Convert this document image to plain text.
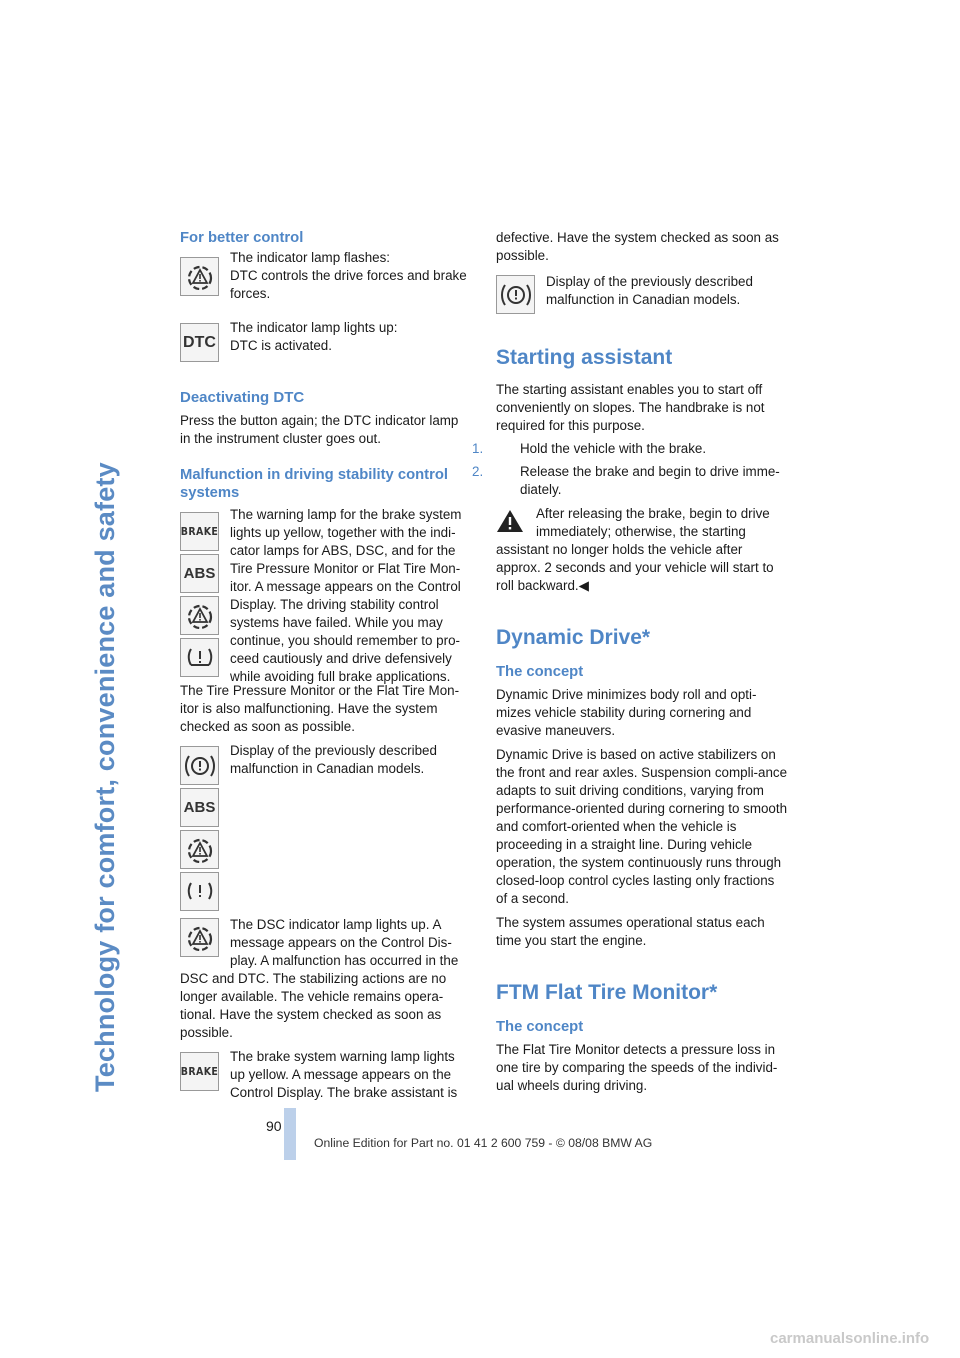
Technology for comfort, convenience and safety
For better control

The indicator lamp flashes:
DTC controls the drive forces and brake forces.

DTC

The indicator lamp lights up:
DTC is activated.

Deactivating DTC

Press the button again; the DTC indicator lamp in the instrument cluster goes out.

Malfunction in driving stability control systems
BRAKE
ABS

The warning lamp for the brake system lights up yellow, together with the indi-cator lamps for ABS, DSC, and for the Tire Pressure Monitor or Flat Tire Mon-itor. A message appears on the Control Display. The driving stability control systems have failed. While you may continue, you should remember to pro-ceed cautiously and drive defensively while avoiding full brake applications.

The Tire Pressure Monitor or the Flat Tire Mon-itor is also malfunctioning. Have the system checked as soon as possible.

ABS

Display of the previously described malfunction in Canadian models.

The DSC indicator lamp lights up. A message appears on the Control Dis-play. A malfunction has occurred in the

DSC and DTC. The stabilizing actions are no longer available. The vehicle remains opera-tional. Have the system checked as soon as possible.

BRAKE

The brake system warning lamp lights up yellow. A message appears on the Control Display. The brake assistant is

defective. Have the system checked as soon as possible.

Display of the previously described malfunction in Canadian models.

Starting assistant

The starting assistant enables you to start off conveniently on slopes. The handbrake is not required for this purpose.

1.	Hold the vehicle with the brake.

2.	Release the brake and begin to drive imme-diately.

After releasing the brake, begin to drive immediately; otherwise, the starting

assistant no longer holds the vehicle after approx. 2 seconds and your vehicle will start to roll backward.◀

Dynamic Drive*
The concept

Dynamic Drive minimizes body roll and opti-mizes vehicle stability during cornering and evasive maneuvers.

Dynamic Drive is based on active stabilizers on the front and rear axles. Suspension compli-ance adapts to suit driving conditions, varying from performance-oriented during cornering to smooth and comfort-oriented when the vehicle is proceeding in a straight line. During vehicle operation, the system continuously runs through closed-loop control cycles lasting only fractions of a second.

The system assumes operational status each time you start the engine.

FTM Flat Tire Monitor*
The concept

The Flat Tire Monitor detects a pressure loss in one tire by comparing the speeds of the individ-ual wheels during driving.

90
Online Edition for Part no. 01 41 2 600 759 - © 08/08 BMW AG
carmanualsonline.info
